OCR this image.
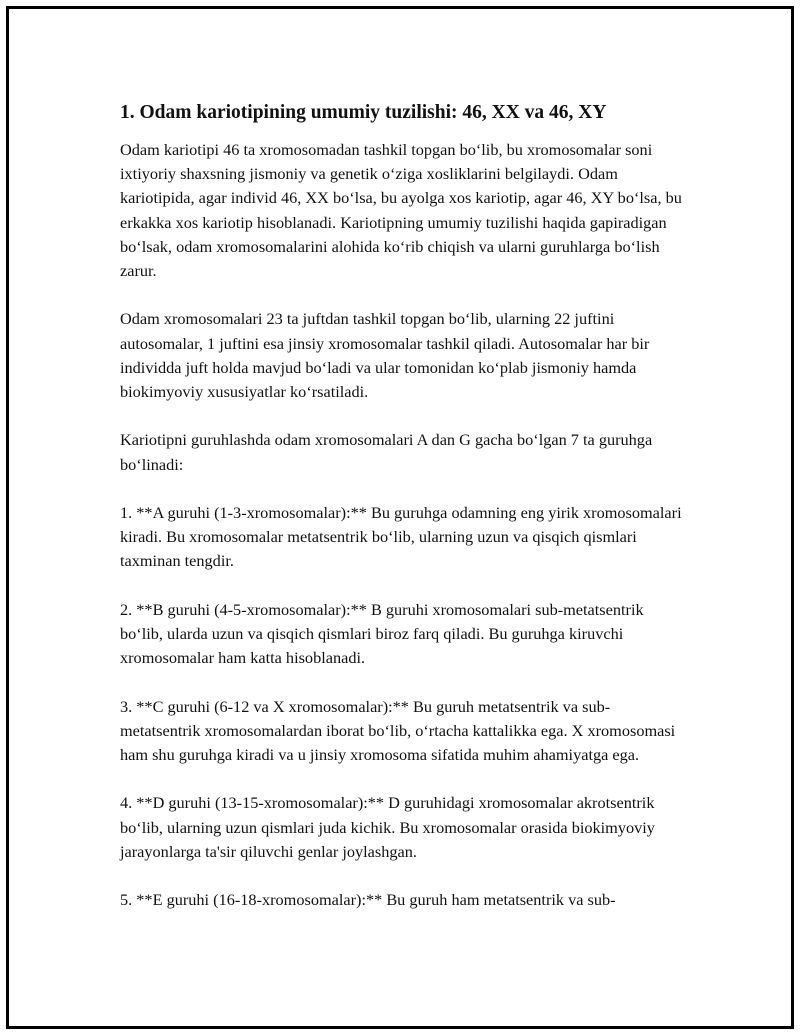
1. Odam kariotipining umumiy tuzilishi: 46, XX va 46, XY

Odam kariotipi 46 ta xromosomadan tashkil topgan bo‘lib, bu xromosomalar soni ixtiyoriy shaxsning jismoniy va genetik o‘ziga xosliklarini belgilaydi. Odam kariotipida, agar individ 46, XX bo‘lsa, bu ayolga xos kariotip, agar 46, XY bo‘lsa, bu erkakka xos kariotip hisoblanadi. Kariotipning umumiy tuzilishi haqida gapiradigan bo‘lsak, odam xromosomalarini alohida ko‘rib chiqish va ularni guruhlarga bo‘lish zarur.

Odam xromosomalari 23 ta juftdan tashkil topgan bo‘lib, ularning 22 juftini autosomalar, 1 juftini esa jinsiy xromosomalar tashkil qiladi. Autosomalar har bir individda juft holda mavjud bo‘ladi va ular tomonidan ko‘plab jismoniy hamda biokimyoviy xususiyatlar ko‘rsatiladi.

Kariotipni guruhlashda odam xromosomalari A dan G gacha bo‘lgan 7 ta guruhga bo‘linadi:

1. **A guruhi (1-3-xromosomalar):** Bu guruhga odamning eng yirik xromosomalari kiradi. Bu xromosomalar metatsentrik bo‘lib, ularning uzun va qisqich qismlari taxminan tengdir.

2. **B guruhi (4-5-xromosomalar):** B guruhi xromosomalari sub-metatsentrik bo‘lib, ularda uzun va qisqich qismlari biroz farq qiladi. Bu guruhga kiruvchi xromosomalar ham katta hisoblanadi.

3. **C guruhi (6-12 va X xromosomalar):** Bu guruh metatsentrik va sub-metatsentrik xromosomalardan iborat bo‘lib, o‘rtacha kattalikka ega. X xromosomasi ham shu guruhga kiradi va u jinsiy xromosoma sifatida muhim ahamiyatga ega.

4. **D guruhi (13-15-xromosomalar):** D guruhidagi xromosomalar akrotsentrik bo‘lib, ularning uzun qismlari juda kichik. Bu xromosomalar orasida biokimyoviy jarayonlarga ta'sir qiluvchi genlar joylashgan.

5. **E guruhi (16-18-xromosomalar):** Bu guruh ham metatsentrik va sub-
